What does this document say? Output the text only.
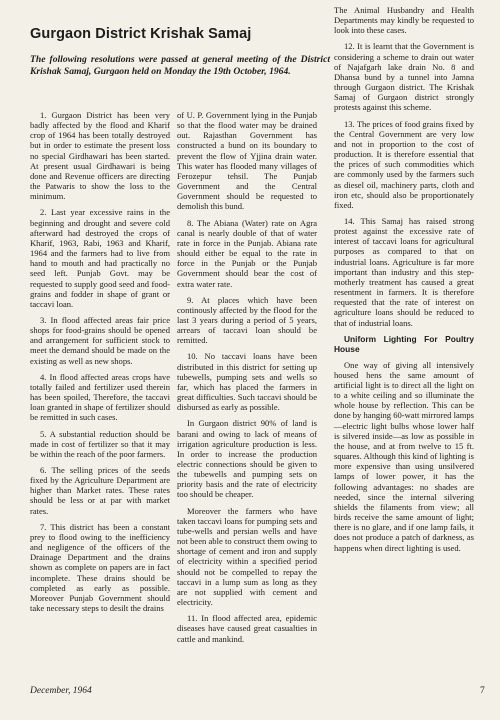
Gurgaon District Krishak Samaj
The following resolutions were passed at general meeting of the District Krishak Samaj, Gurgaon held on Monday the 19th October, 1964.

1. Gurgaon District has been very badly affected by the flood and Kharif crop of 1964 has been totally destroyed but in order to estimate the present loss no special Girdhawari has been started. At present usual Girdhawari is being done and Revenue officers are directing the Patwaris to show the loss to the minimum.

2. Last year excessive rains in the beginning and drought and severe cold afterward had destroyed the crops of Kharif, 1963, Rabi, 1963 and Kharif, 1964 and the farmers had to live from hand to mouth and had practically no seed left. Punjab Govt. may be requested to supply good seed and food-grains and fodder in shape of grant or taccavi loan.

3. In flood affected areas fair price shops for food-grains should be opened and arrangement for sufficient stock to meet the demand should be made on the existing as well as new shops.

4. In flood affected areas crops have totally failed and fertilizer used therein has been spoiled, Therefore, the taccavi loan granted in shape of fertilizer should be remitted in such cases.

5. A substantial reduction should be made in cost of fertilizer so that it may be within the reach of the poor farmers.

6. The selling prices of the seeds fixed by the Agriculture Department are higher than Market rates. These rates should be less or at par with market rates.

7. This district has been a constant prey to flood owing to the inefficiency and negligence of the officers of the Drainage Department and the drains shown as complete on papers are in fact incomplete. These drains should be completed as early as possible. Moreover Punjab Government should take necessary steps to desilt the drains

of U. P. Government lying in the Punjab so that the flood water may be drained out. Rajasthan Government has constructed a bund on its boundary to prevent the flow of Yjjina drain water. This water has flooded many villages of Ferozepur tehsil. The Punjab Government and the Central Government should be requested to demolish this bund.

8. The Abiana (Water) rate on Agra canal is nearly double of that of water rate in force in the Punjab. Abiana rate should either be equal to the rate in force in the Punjab or the Punjab Government should bear the cost of extra water rate.

9. At places which have been continously affected by the flood for the last 3 years during a period of 5 years, arrears of taccavi loan should be remitted.

10. No taccavi loans have been distributed in this district for setting up tubewells, pumping sets and wells so far, which has placed the farmers in great difficulties. Such taccavi should be disbursed as early as possible.

In Gurgaon district 90% of land is barani and owing to lack of means of irrigation agriculture production is less. In order to increase the production electric connections should be given to the tubewells and pumping sets on priority basis and the rate of electricity too should be cheaper.

Moreover the farmers who have taken taccavi loans for pumping sets and tube-wells and persian wells and have not been able to construct them owing to shortage of cement and iron and supply of electricity within a specified period should not be compelled to repay the taccavi in a lump sum as long as they are not supplied with cement and electricity.

11. In flood affected area, epidemic diseases have caused great casualties in cattle and mankind.

The Animal Husbandry and Health Departments may kindly be requested to look into these cases.

12. It is learnt that the Government is considering a scheme to drain out water of Najafgarh lake drain No. 8 and Dhansa bund by a tunnel into Jamna through Gurgaon district. The Krishak Samaj of Gurgaon district strongly protests against this scheme.

13. The prices of food grains fixed by the Central Government are very low and not in proportion to the cost of production. It is therefore essential that the prices of such commodities which are commonly used by the farmers such as diesel oil, machinery parts, cloth and iron etc, should also be proportionately fixed.

14. This Samaj has raised strong protest against the excessive rate of interest of taccavi loans for agricultural purposes as compared to that on industrial loans. Agriculture is far more important than industry and this step-motherly treatment has caused a great resentment in farmers. It is therefore requested that the rate of interest on agriculture loans should be reduced to that of industrial loans.

Uniform Lighting For Poultry House

One way of giving all intensively housed hens the same amount of artificial light is to direct all the light on to a white ceiling and so illuminate the whole house by reflection. This can be done by hanging 60-watt mirrored lamps—electric light bulbs whose lower half is silvered inside—as low as possible in the house, and at from twelve to 15 ft. squares. Although this kind of lighting is more expensive than using unsilvered lamps of lower power, it has the following advantages: no shades are needed, since the internal silvering shields the filaments from view; all birds receive the same amount of light; there is no glare, and if one lamp fails, it does not produce a patch of darkness, as happens when direct lighting is used.

December, 1964	7
